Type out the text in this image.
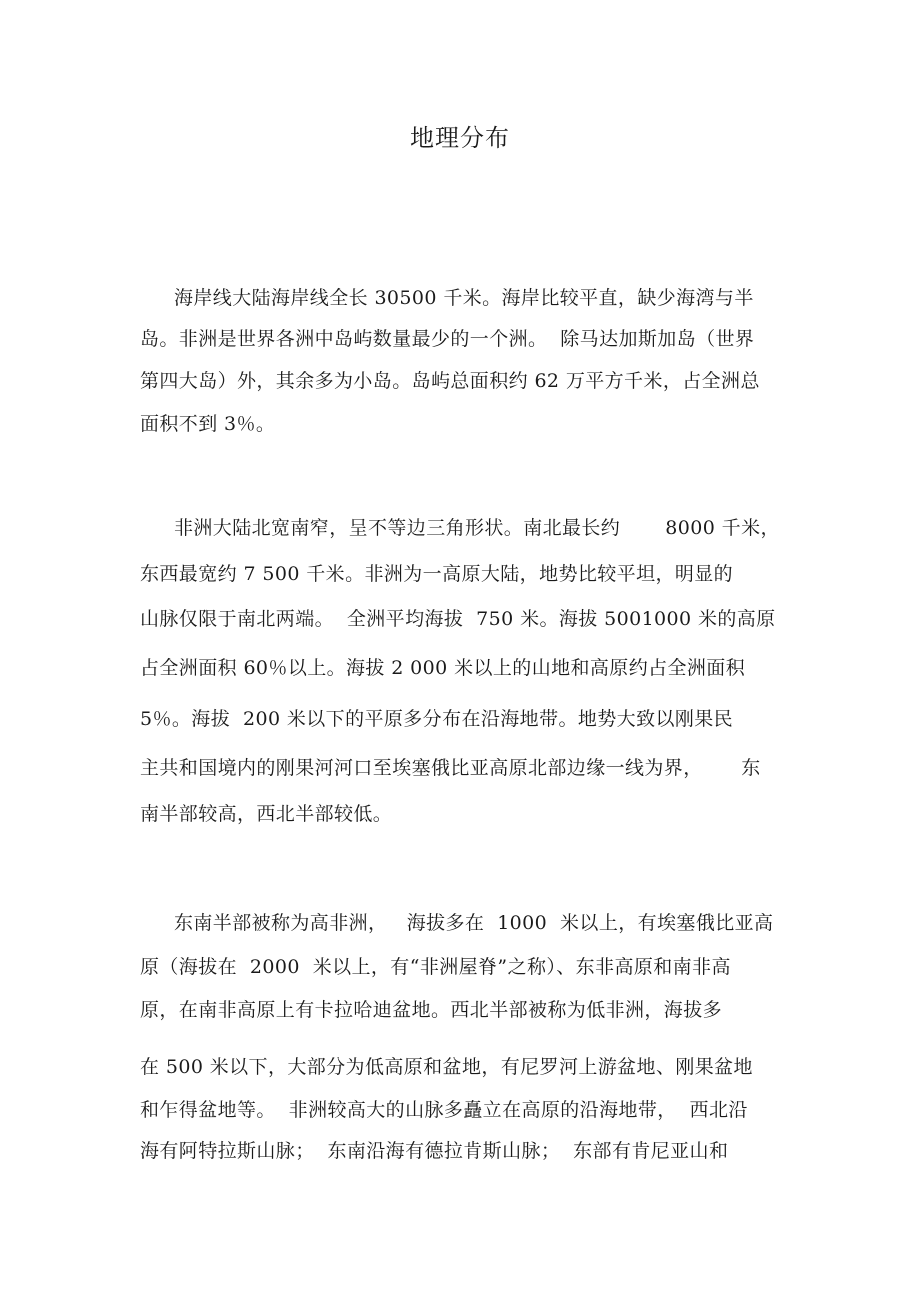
地理分布
海岸线大陆海岸线全长 30500 千米。海岸比较平直，缺少海湾与半
岛。非洲是世界各洲中岛屿数量最少的一个洲。  除马达加斯加岛（世界
第四大岛）外，其余多为小岛。岛屿总面积约 62 万平方千米，占全洲总
面积不到 3％。
非洲大陆北宽南窄，呈不等边三角形状。南北最长约       8000 千米，
东西最宽约 7 500 千米。非洲为一高原大陆，地势比较平坦，明显的
山脉仅限于南北两端。  全洲平均海拔  750 米。海拔 5001000 米的高原
占全洲面积 60％以上。海拔 2 000 米以上的山地和高原约占全洲面积
5％。海拔  200 米以下的平原多分布在沿海地带。地势大致以刚果民
主共和国境内的刚果河河口至埃塞俄比亚高原北部边缘一线为界，      东
南半部较高，西北半部较低。
东南半部被称为高非洲，   海拔多在  1000  米以上，有埃塞俄比亚高
原（海拔在  2000  米以上，有“非洲屋脊”之称）、东非高原和南非高
原，在南非高原上有卡拉哈迪盆地。西北半部被称为低非洲，海拔多
在 500 米以下，大部分为低高原和盆地，有尼罗河上游盆地、刚果盆地
和乍得盆地等。  非洲较高大的山脉多矗立在高原的沿海地带，  西北沿
海有阿特拉斯山脉；  东南沿海有德拉肯斯山脉；  东部有肯尼亚山和
